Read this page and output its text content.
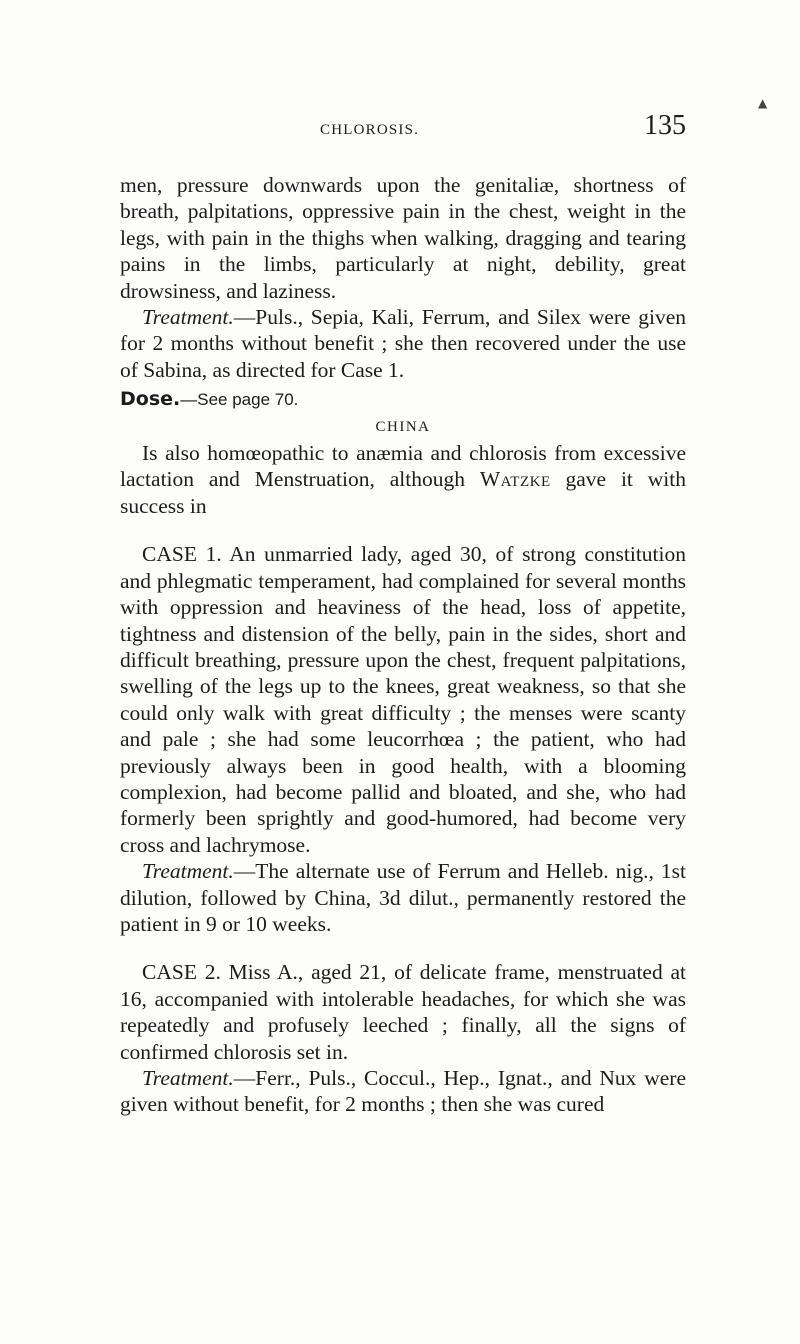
▲
CHLOROSIS.	135

men, pressure downwards upon the genitaliæ, shortness of breath, palpitations, oppressive pain in the chest, weight in the legs, with pain in the thighs when walking, dragging and tearing pains in the limbs, particularly at night, debility, great drowsiness, and laziness.

Treatment.—Puls., Sepia, Kali, Ferrum, and Silex were given for 2 months without benefit ; she then recovered under the use of Sabina, as directed for Case 1.

Dose.—See page 70.

CHINA

Is also homœopathic to anæmia and chlorosis from excessive lactation and Menstruation, although Watzke gave it with success in

CASE 1. An unmarried lady, aged 30, of strong constitution and phlegmatic temperament, had complained for several months with oppression and heaviness of the head, loss of appetite, tightness and distension of the belly, pain in the sides, short and difficult breathing, pressure upon the chest, frequent palpitations, swelling of the legs up to the knees, great weakness, so that she could only walk with great difficulty ; the menses were scanty and pale ; she had some leucorrhœa ; the patient, who had previously always been in good health, with a blooming complexion, had become pallid and bloated, and she, who had formerly been sprightly and good-humored, had become very cross and lachrymose.

Treatment.—The alternate use of Ferrum and Helleb. nig., 1st dilution, followed by China, 3d dilut., permanently restored the patient in 9 or 10 weeks.

CASE 2. Miss A., aged 21, of delicate frame, menstruated at 16, accompanied with intolerable headaches, for which she was repeatedly and profusely leeched ; finally, all the signs of confirmed chlorosis set in.

Treatment.—Ferr., Puls., Coccul., Hep., Ignat., and Nux were given without benefit, for 2 months ; then she was cured
